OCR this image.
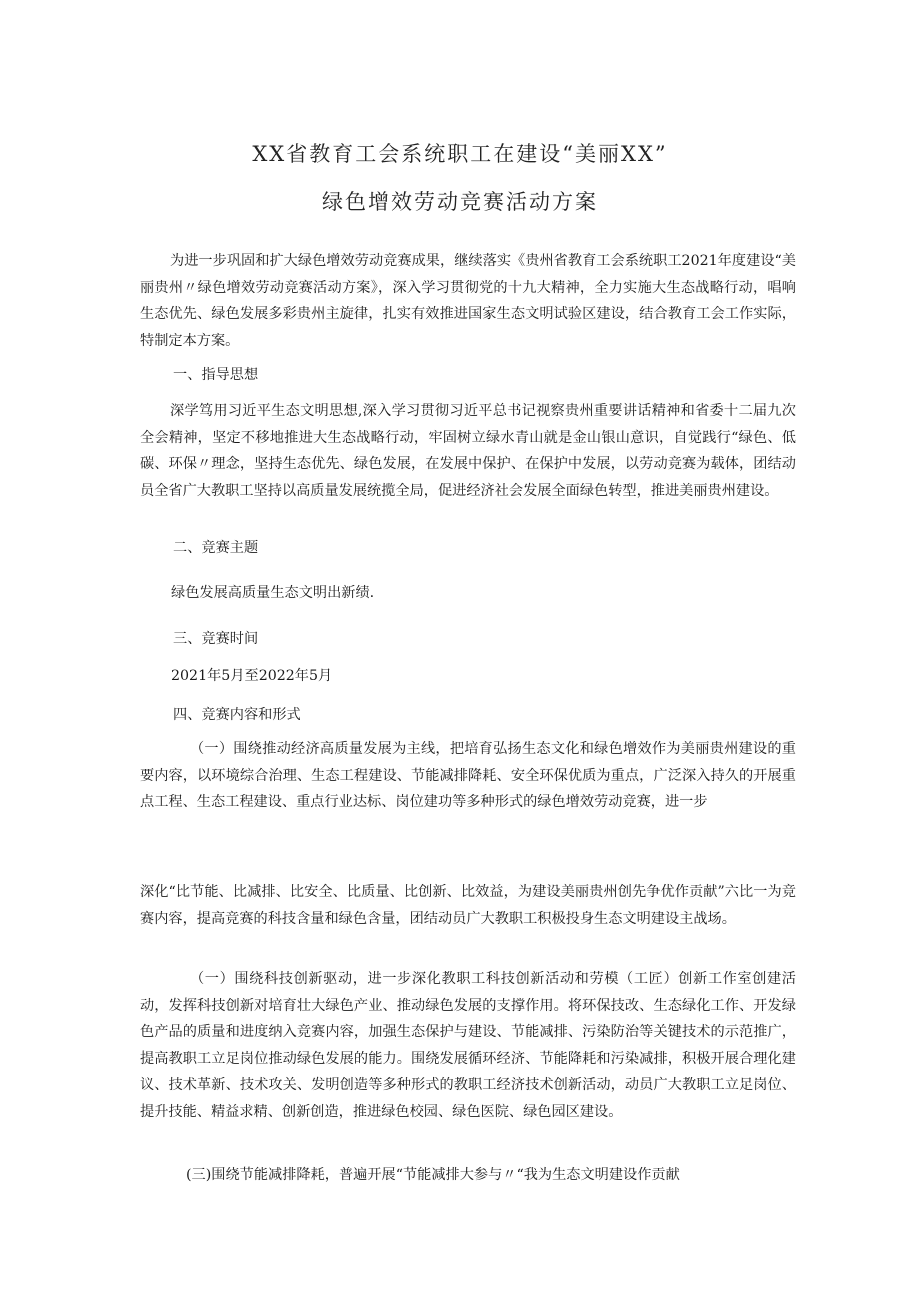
XX省教育工会系统职工在建设“美丽XX”
绿色增效劳动竞赛活动方案

为进一步巩固和扩大绿色增效劳动竞赛成果，继续落实《贵州省教育工会系统职工2021年度建设“美丽贵州〃绿色增效劳动竞赛活动方案》，深入学习贯彻党的十九大精神，全力实施大生态战略行动，唱响生态优先、绿色发展多彩贵州主旋律，扎实有效推进国家生态文明试验区建设，结合教育工会工作实际，特制定本方案。

一、指导思想

深学笃用习近平生态文明思想,深入学习贯彻习近平总书记视察贵州重要讲话精神和省委十二届九次全会精神，坚定不移地推进大生态战略行动，牢固树立绿水青山就是金山银山意识，自觉践行“绿色、低碳、环保〃理念，坚持生态优先、绿色发展，在发展中保护、在保护中发展，以劳动竞赛为载体，团结动员全省广大教职工坚持以高质量发展统揽全局，促进经济社会发展全面绿色转型，推进美丽贵州建设。

二、竞赛主题

绿色发展高质量生态文明出新绩.

三、竞赛时间

2021年5月至2022年5月

四、竞赛内容和形式

（一）围绕推动经济高质量发展为主线，把培育弘扬生态文化和绿色增效作为美丽贵州建设的重要内容，以环境综合治理、生态工程建设、节能减排降耗、安全环保优质为重点，广泛深入持久的开展重点工程、生态工程建设、重点行业达标、岗位建功等多种形式的绿色增效劳动竞赛，进一步

深化“比节能、比减排、比安全、比质量、比创新、比效益，为建设美丽贵州创先争优作贡献”六比一为竞赛内容，提高竞赛的科技含量和绿色含量，团结动员广大教职工积极投身生态文明建设主战场。

（一）围绕科技创新驱动，进一步深化教职工科技创新活动和劳模（工匠）创新工作室创建活动，发挥科技创新对培育壮大绿色产业、推动绿色发展的支撑作用。将环保技改、生态绿化工作、开发绿色产品的质量和进度纳入竞赛内容，加强生态保护与建设、节能减排、污染防治等关键技术的示范推广，提高教职工立足岗位推动绿色发展的能力。围绕发展循环经济、节能降耗和污染减排，积极开展合理化建议、技术革新、技术攻关、发明创造等多种形式的教职工经济技术创新活动，动员广大教职工立足岗位、提升技能、精益求精、创新创造，推进绿色校园、绿色医院、绿色园区建设。

(三)围绕节能减排降耗，普遍开展“节能减排大参与〃“我为生态文明建设作贡献
